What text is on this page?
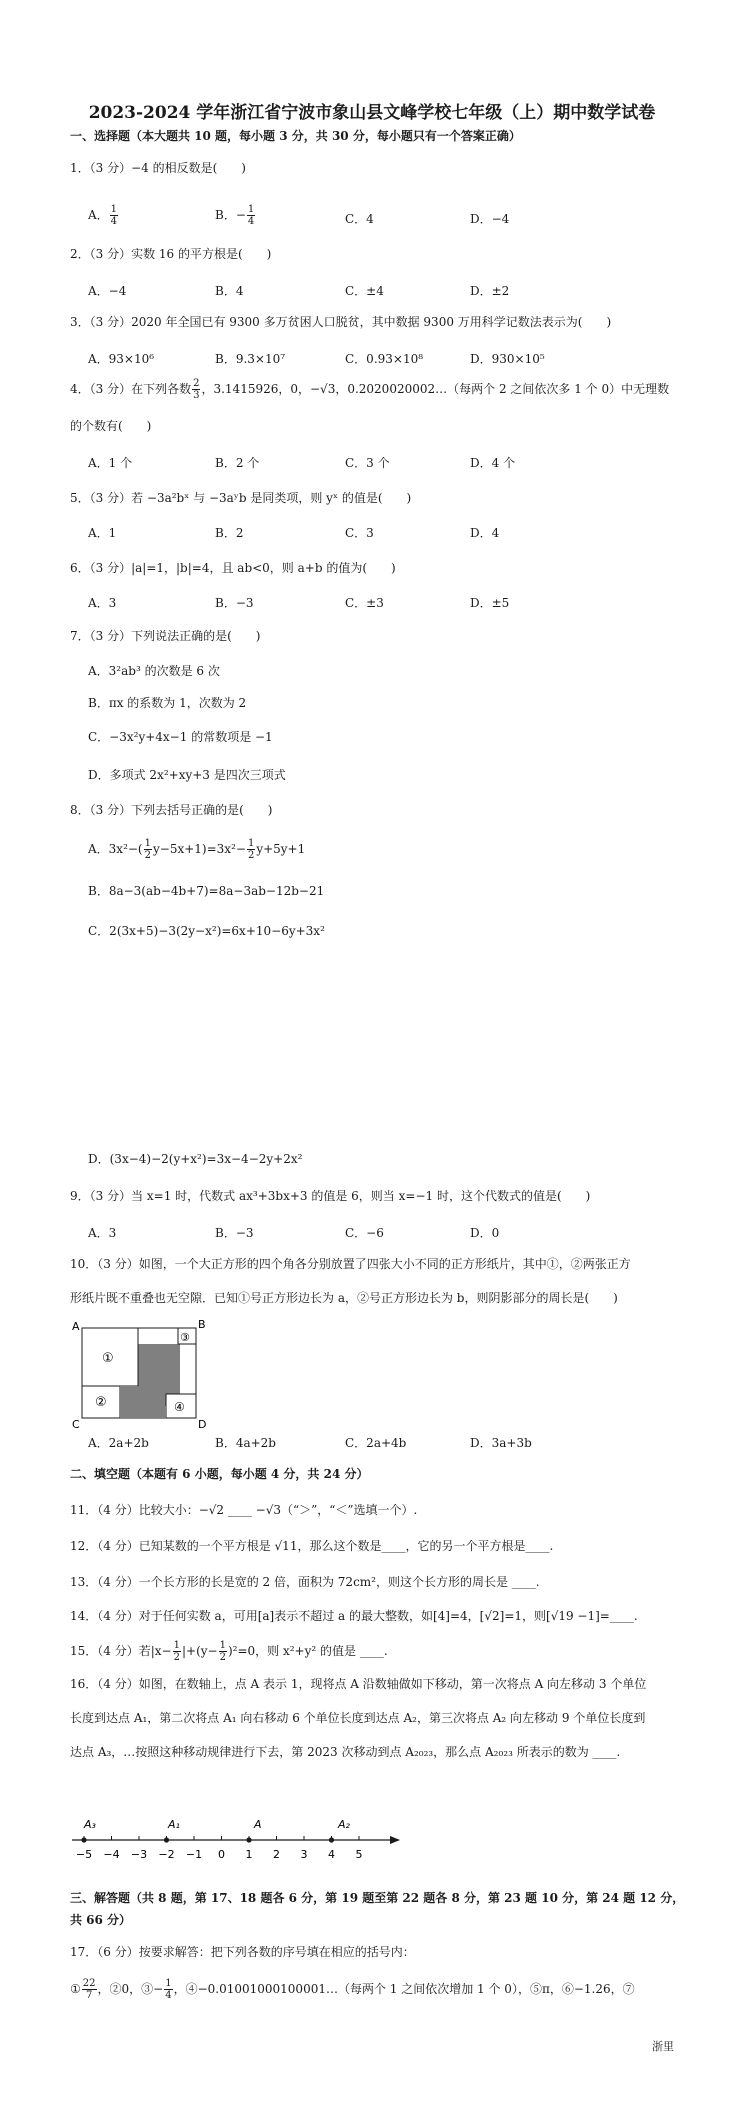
2023-2024 学年浙江省宁波市象山县文峰学校七年级（上）期中数学试卷
一、选择题（本大题共 10 题，每小题 3 分，共 30 分，每小题只有一个答案正确）
1．（3 分）−4 的相反数是(　　)
A． $\frac{1}{4}$	B．− $\frac{1}{4}$	C．4	D．−4
2．（3 分）实数 16 的平方根是(　　)
A．−4	B．4	C．±4	D．±2
3．（3 分）2020 年全国已有 9300 多万贫困人口脱贫，其中数据 9300 万用科学记数法表示为(　　)
A．93×10⁶	B．9.3×10⁷	C．0.93×10⁸	D．930×10⁵
4．（3 分）在下列各数 $\frac{2}{3}$ ，3.1415926，0，−√3，0.2020020002…（每两个 2 之间依次多 1 个 0）中无理数
的个数有(　　)
A．1 个	B．2 个	C．3 个	D．4 个
5．（3 分）若 −3a²bˣ 与 −3aʸb 是同类项，则 yˣ 的值是(　　)
A．1	B．2	C．3	D．4
6．（3 分）|a|=1，|b|=4，且 ab<0，则 a+b 的值为(　　)
A．3	B．−3	C．±3	D．±5
7．（3 分）下列说法正确的是(　　)
A．3²ab³ 的次数是 6 次
B．πx 的系数为 1，次数为 2
C．−3x²y+4x−1 的常数项是 −1
D．多项式 2x²+xy+3 是四次三项式
8．（3 分）下列去括号正确的是(　　)
A．$3x^2-( \frac{1}{2} y-5x+1)=3x^2- \frac{1}{2} y+5y+1$
B．8a−3(ab−4b+7)=8a−3ab−12b−21
C．2(3x+5)−3(2y−x²)=6x+10−6y+3x²
D．(3x−4)−2(y+x²)=3x−4−2y+2x²
9．（3 分）当 x=1 时，代数式 ax³+3bx+3 的值是 6，则当 x=−1 时，这个代数式的值是(　　)
A．3	B．−3	C．−6	D．0
10．（3 分）如图，一个大正方形的四个角各分别放置了四张大小不同的正方形纸片，其中①，②两张正方
形纸片既不重叠也无空隙．已知①号正方形边长为 a，②号正方形边长为 b，则阴影部分的周长是(　　)
A	B
C	D
①
②
③
④
A．2a+2b	B．4a+2b	C．2a+4b	D．3a+3b
二、填空题（本题有 6 小题，每小题 4 分，共 24 分）
11．（4 分）比较大小：−√2 ____ −√3（“＞”，“＜”选填一个）.
12．（4 分）已知某数的一个平方根是 √11，那么这个数是____，它的另一个平方根是____.
13．（4 分）一个长方形的长是宽的 2 倍，面积为 72cm²，则这个长方形的周长是 ____.
14．（4 分）对于任何实数 a，可用[a]表示不超过 a 的最大整数，如[4]=4，[√2]=1，则[√19 −1]=____.
15．（4 分）若$|x- \frac{1}{2} |+(y- \frac{1}{2} )^2=0$，则 x²+y² 的值是 ____.
16．（4 分）如图，在数轴上，点 A 表示 1，现将点 A 沿数轴做如下移动，第一次将点 A 向左移动 3 个单位
长度到达点 A₁，第二次将点 A₁ 向右移动 6 个单位长度到达点 A₂，第三次将点 A₂ 向左移动 9 个单位长度到
达点 A₃，…按照这种移动规律进行下去，第 2023 次移动到点 A₂₀₂₃，那么点 A₂₀₂₃ 所表示的数为 ____.
−5 −4 −3 −2 −1 0 1 2 3 4 5
A₃	A₁	A	A₂
三、解答题（共 8 题，第 17、18 题各 6 分，第 19 题至第 22 题各 8 分，第 23 题 10 分，第 24 题 12 分，
共 66 分）
17．（6 分）按要求解答：把下列各数的序号填在相应的括号内：
① $\frac{22}{7}$ ，②0，③− $\frac{1}{4}$ ，④−0.01001000100001…（每两个 1 之间依次增加 1 个 0），⑤π，⑥−1.26，⑦
浙里
